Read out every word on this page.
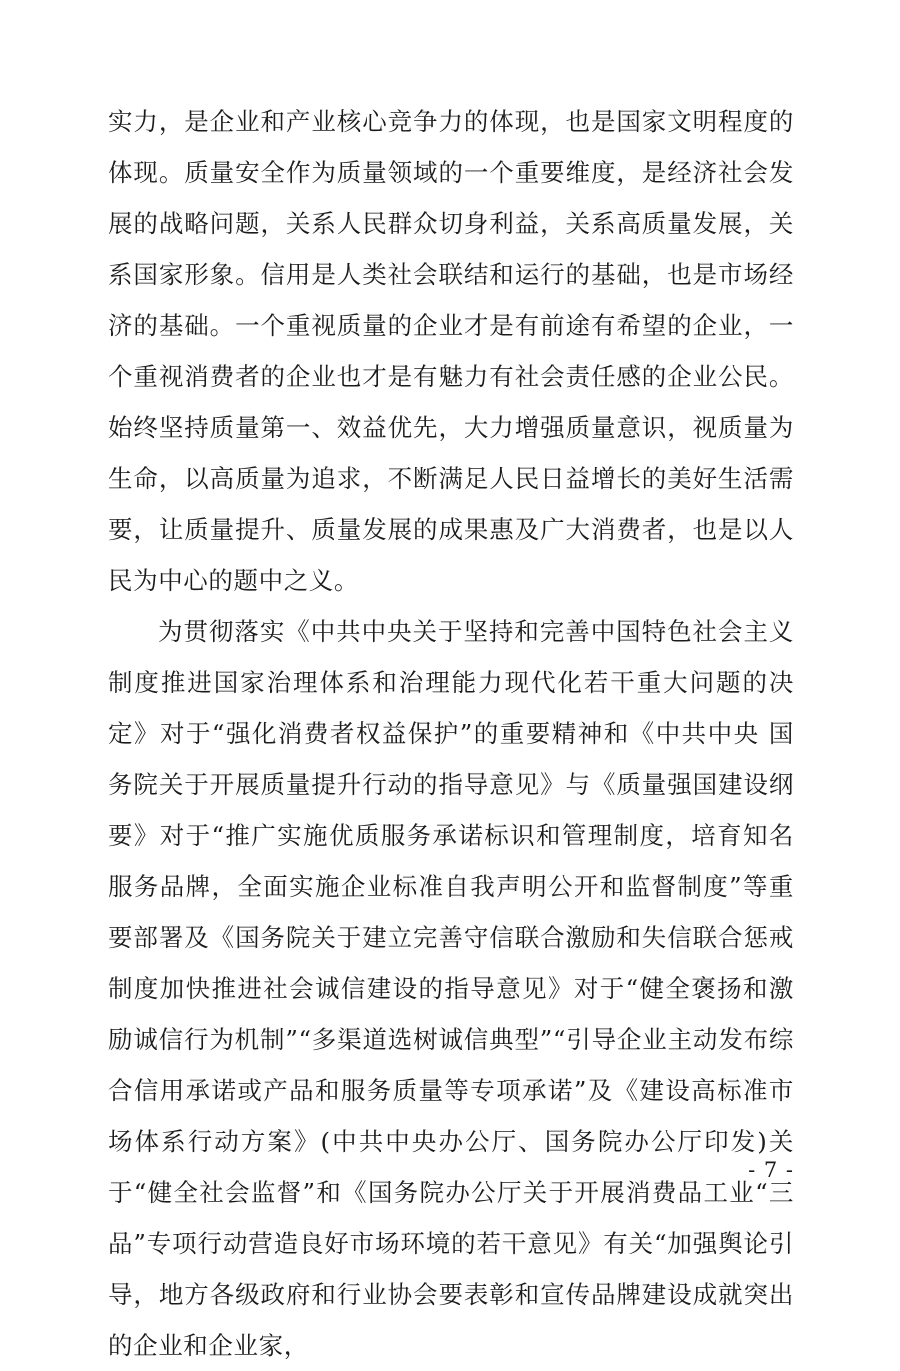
实力，是企业和产业核心竞争力的体现，也是国家文明程度的体现。质量安全作为质量领域的一个重要维度，是经济社会发展的战略问题，关系人民群众切身利益，关系高质量发展，关系国家形象。信用是人类社会联结和运行的基础，也是市场经济的基础。一个重视质量的企业才是有前途有希望的企业，一个重视消费者的企业也才是有魅力有社会责任感的企业公民。始终坚持质量第一、效益优先，大力增强质量意识，视质量为生命，以高质量为追求，不断满足人民日益增长的美好生活需要，让质量提升、质量发展的成果惠及广大消费者，也是以人民为中心的题中之义。

为贯彻落实《中共中央关于坚持和完善中国特色社会主义制度推进国家治理体系和治理能力现代化若干重大问题的决定》对于“强化消费者权益保护”的重要精神和《中共中央 国务院关于开展质量提升行动的指导意见》与《质量强国建设纲要》对于“推广实施优质服务承诺标识和管理制度，培育知名服务品牌，全面实施企业标准自我声明公开和监督制度”等重要部署及《国务院关于建立完善守信联合激励和失信联合惩戒制度加快推进社会诚信建设的指导意见》对于“健全褒扬和激励诚信行为机制”“多渠道选树诚信典型”“引导企业主动发布综合信用承诺或产品和服务质量等专项承诺”及《建设高标准市场体系行动方案》(中共中央办公厅、国务院办公厅印发)关于“健全社会监督”和《国务院办公厅关于开展消费品工业“三品”专项行动营造良好市场环境的若干意见》有关“加强舆论引导，地方各级政府和行业协会要表彰和宣传品牌建设成就突出的企业和企业家，

- 7 -
